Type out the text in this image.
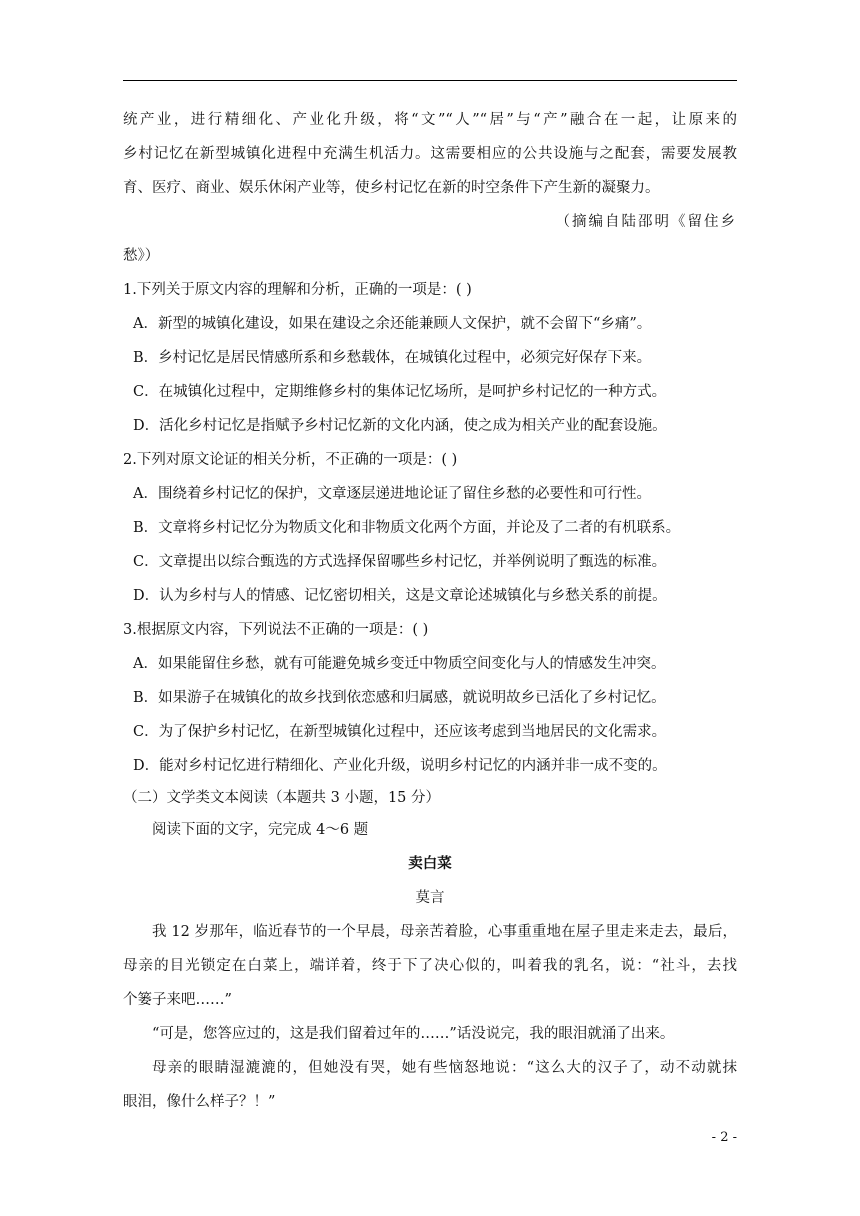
统产业，进行精细化、产业化升级，将“文”“人”“居”与“产”融合在一起，让原来的
乡村记忆在新型城镇化进程中充满生机活力。这需要相应的公共设施与之配套，需要发展教
育、医疗、商业、娱乐休闲产业等，使乡村记忆在新的时空条件下产生新的凝聚力。
（摘编自陆邵明《留住乡
愁》）
1.下列关于原文内容的理解和分析，正确的一项是：( )
A．新型的城镇化建设，如果在建设之余还能兼顾人文保护，就不会留下“乡痛”。
B．乡村记忆是居民情感所系和乡愁载体，在城镇化过程中，必须完好保存下来。
C．在城镇化过程中，定期维修乡村的集体记忆场所，是呵护乡村记忆的一种方式。
D．活化乡村记忆是指赋予乡村记忆新的文化内涵，使之成为相关产业的配套设施。
2.下列对原文论证的相关分析，不正确的一项是：( )
A．围绕着乡村记忆的保护，文章逐层递进地论证了留住乡愁的必要性和可行性。
B．文章将乡村记忆分为物质文化和非物质文化两个方面，并论及了二者的有机联系。
C．文章提出以综合甄选的方式选择保留哪些乡村记忆，并举例说明了甄选的标准。
D．认为乡村与人的情感、记忆密切相关，这是文章论述城镇化与乡愁关系的前提。
3.根据原文内容，下列说法不正确的一项是：( )
A．如果能留住乡愁，就有可能避免城乡变迁中物质空间变化与人的情感发生冲突。
B．如果游子在城镇化的故乡找到依恋感和归属感，就说明故乡已活化了乡村记忆。
C．为了保护乡村记忆，在新型城镇化过程中，还应该考虑到当地居民的文化需求。
D．能对乡村记忆进行精细化、产业化升级，说明乡村记忆的内涵并非一成不变的。
（二）文学类文本阅读（本题共 3 小题，15 分）
阅读下面的文字，完完成 4～6 题
卖白菜
莫言
我 12 岁那年，临近春节的一个早晨，母亲苦着脸，心事重重地在屋子里走来走去，最后，
母亲的目光锁定在白菜上，端详着，终于下了决心似的，叫着我的乳名，说：“社斗，去找
个篓子来吧……”
“可是，您答应过的，这是我们留着过年的……”话没说完，我的眼泪就涌了出来。
母亲的眼睛湿漉漉的，但她没有哭，她有些恼怒地说：“这么大的汉子了，动不动就抹
眼泪，像什么样子？！”
- 2 -
